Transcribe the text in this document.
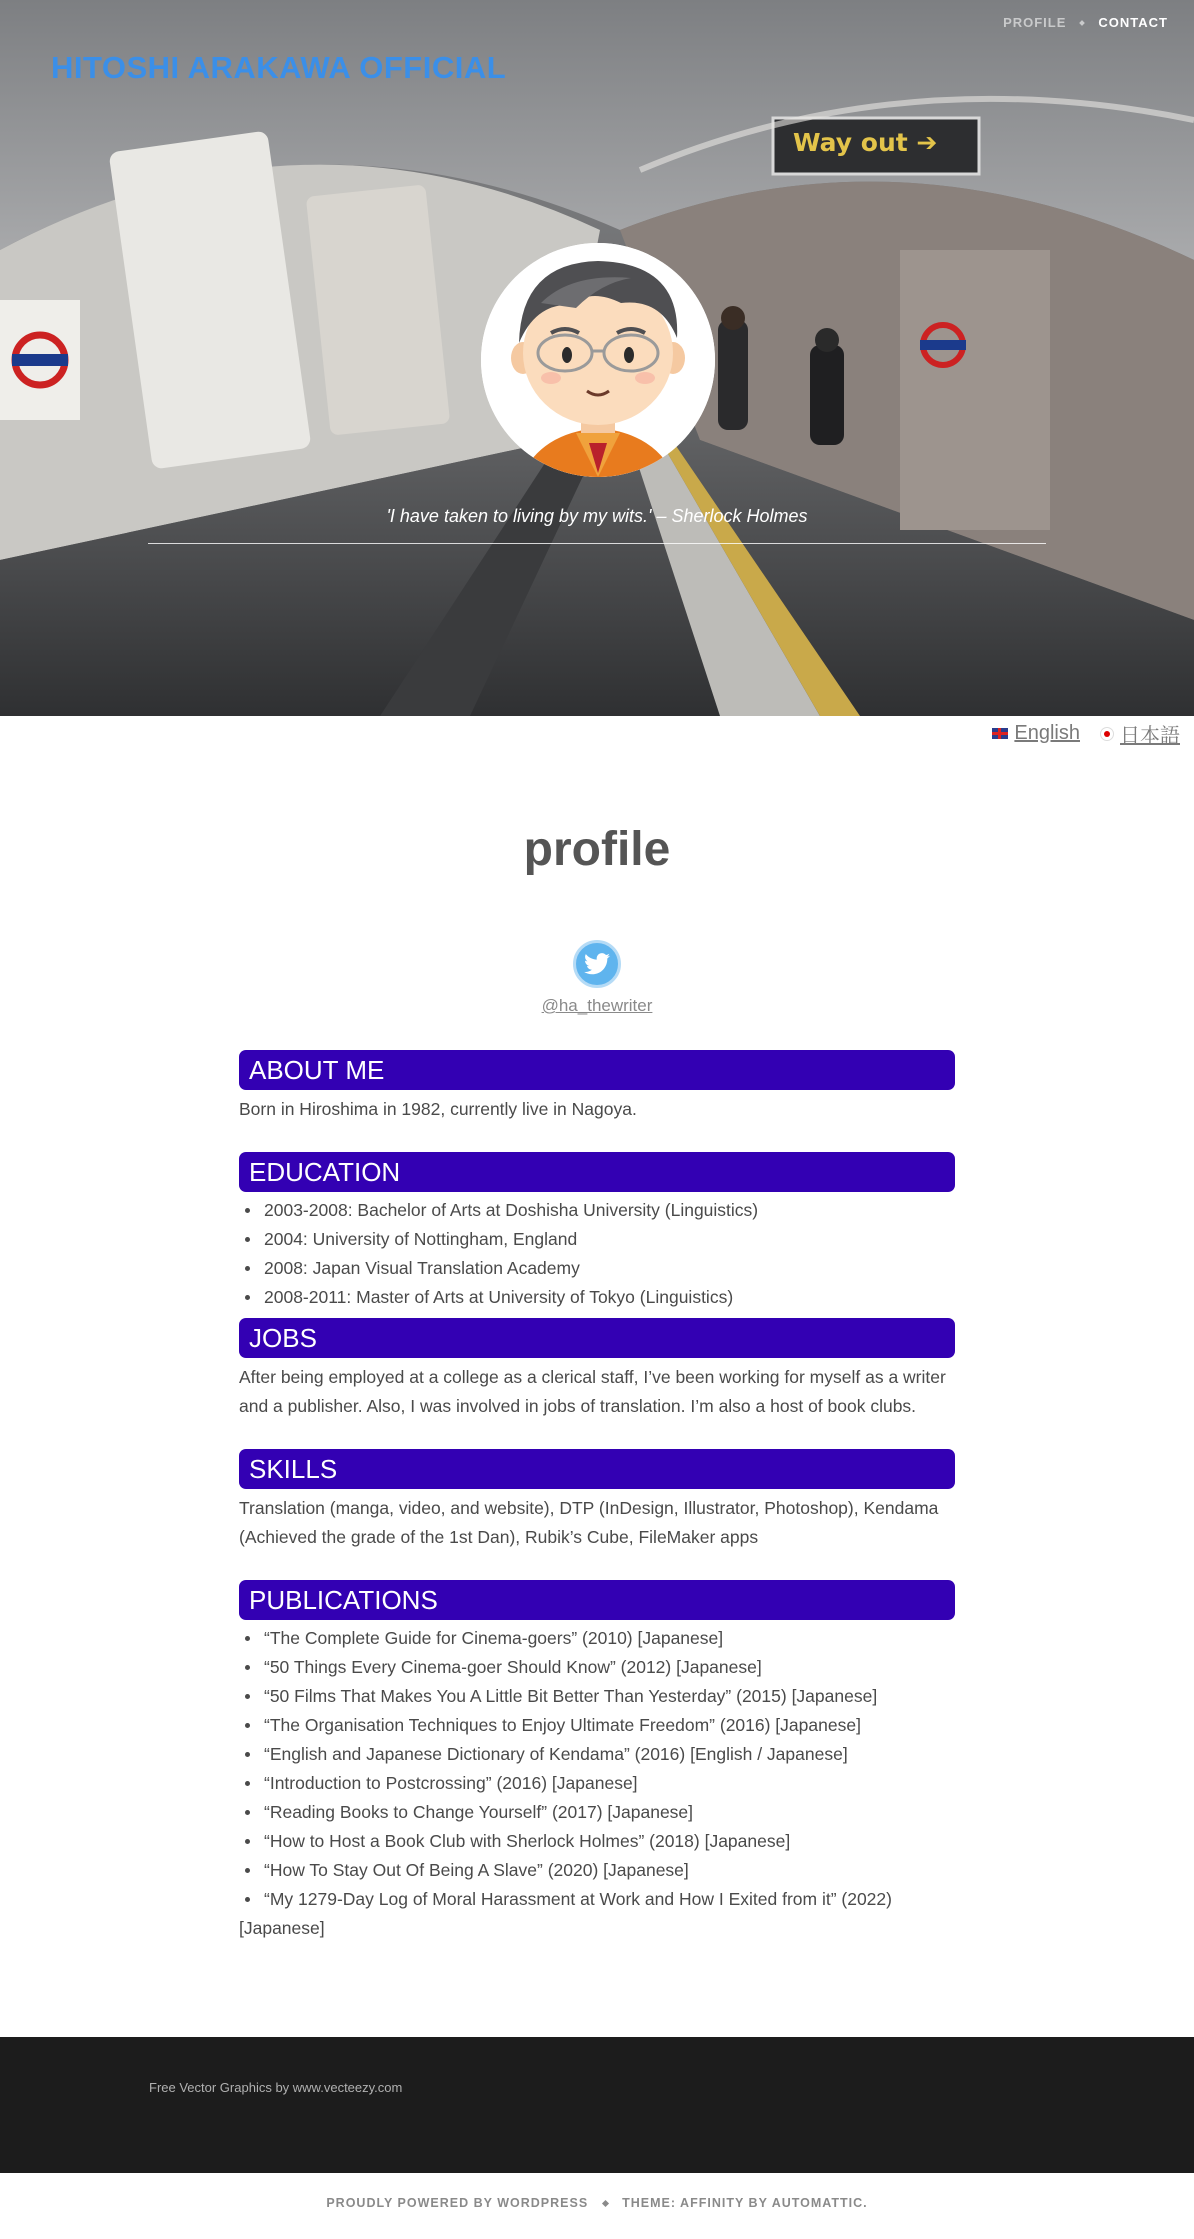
HITOSHI ARAKAWA OFFICIAL
PROFILE CONTACT
'I have taken to living by my wits.' – Sherlock Holmes
Way out ➔
English 日本語
profile
@ha_thewriter
ABOUT ME

Born in Hiroshima in 1982, currently live in Nagoya.

EDUCATION
2003-2008: Bachelor of Arts at Doshisha University (Linguistics)
2004: University of Nottingham, England
2008: Japan Visual Translation Academy
2008-2011: Master of Arts at University of Tokyo (Linguistics)
JOBS

After being employed at a college as a clerical staff, I’ve been working for myself as a writer and a publisher. Also, I was involved in jobs of translation. I’m also a host of book clubs.

SKILLS

Translation (manga, video, and website), DTP (InDesign, Illustrator, Photoshop), Kendama (Achieved the grade of the 1st Dan), Rubik’s Cube, FileMaker apps

PUBLICATIONS
“The Complete Guide for Cinema-goers” (2010) [Japanese]
“50 Things Every Cinema-goer Should Know” (2012) [Japanese]
“50 Films That Makes You A Little Bit Better Than Yesterday” (2015) [Japanese]
“The Organisation Techniques to Enjoy Ultimate Freedom” (2016) [Japanese]
“English and Japanese Dictionary of Kendama” (2016) [English / Japanese]
“Introduction to Postcrossing” (2016) [Japanese]
“Reading Books to Change Yourself” (2017) [Japanese]
“How to Host a Book Club with Sherlock Holmes” (2018) [Japanese]
“How To Stay Out Of Being A Slave” (2020) [Japanese]
“My 1279-Day Log of Moral Harassment at Work and How I Exited from it” (2022) [Japanese]
Free Vector Graphics by www.vecteezy.com
PROUDLY POWERED BY WORDPRESS	THEME: AFFINITY BY AUTOMATTIC.
